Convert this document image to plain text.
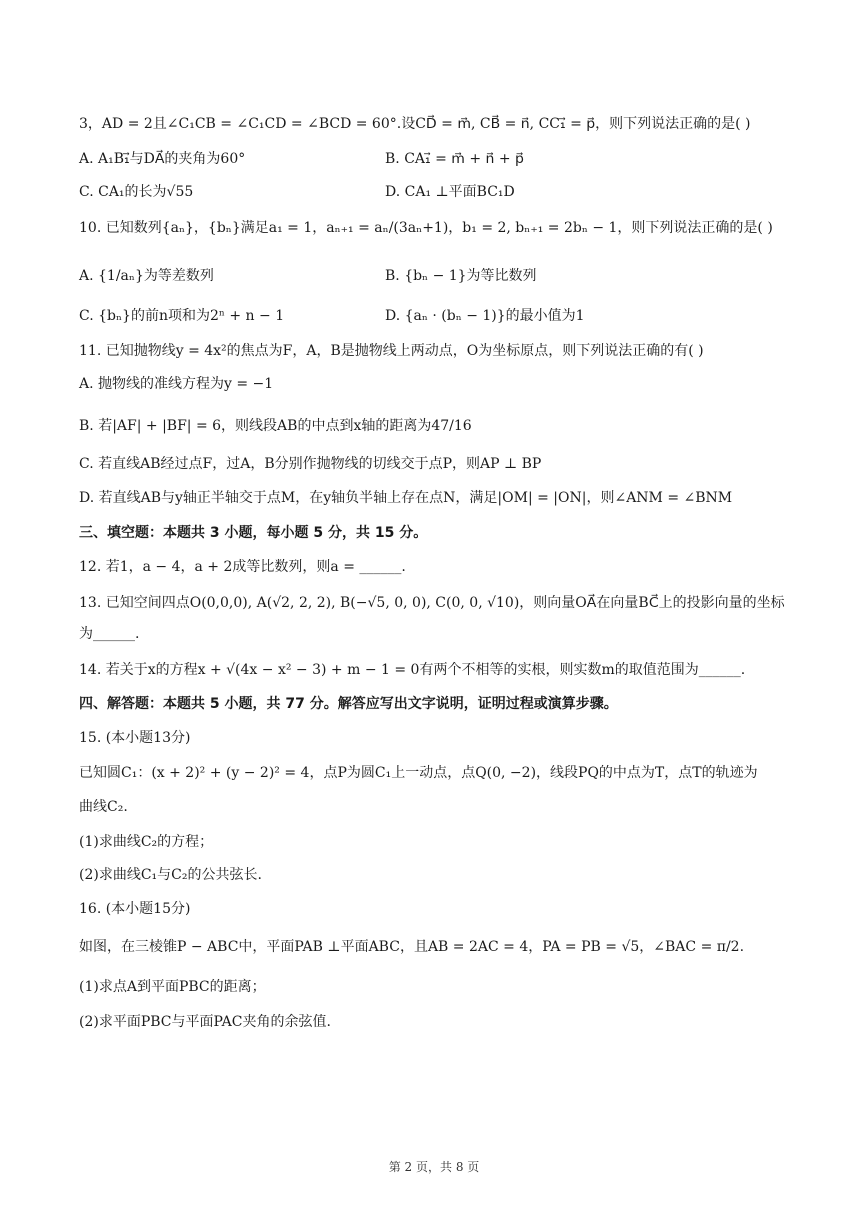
3，AD = 2且∠C₁CB = ∠C₁CD = ∠BCD = 60°.设CD⃗ = m⃗, CB⃗ = n⃗, CC₁⃗ = p⃗，则下列说法正确的是( )
A. A₁B₁⃗与DA⃗的夹角为60°	B. CA₁⃗ = m⃗ + n⃗ + p⃗
C. CA₁的长为√55	D. CA₁ ⊥平面BC₁D
10. 已知数列{aₙ}，{bₙ}满足a₁ = 1，aₙ₊₁ = aₙ/(3aₙ+1)，b₁ = 2, bₙ₊₁ = 2bₙ − 1，则下列说法正确的是( )
A. {1/aₙ}为等差数列	B. {bₙ − 1}为等比数列
C. {bₙ}的前n项和为2ⁿ + n − 1	D. {aₙ · (bₙ − 1)}的最小值为1
11. 已知抛物线y = 4x²的焦点为F，A，B是抛物线上两动点，O为坐标原点，则下列说法正确的有( )
A. 抛物线的准线方程为y = −1
B. 若|AF| + |BF| = 6，则线段AB的中点到x轴的距离为47/16
C. 若直线AB经过点F，过A，B分别作抛物线的切线交于点P，则AP ⊥ BP
D. 若直线AB与y轴正半轴交于点M，在y轴负半轴上存在点N，满足|OM| = |ON|，则∠ANM = ∠BNM
三、填空题：本题共 3 小题，每小题 5 分，共 15 分。
12. 若1，a − 4，a + 2成等比数列，则a = ______.
13. 已知空间四点O(0,0,0), A(√2, 2, 2), B(−√5, 0, 0), C(0, 0, √10)，则向量OA⃗在向量BC⃗上的投影向量的坐标
为______.
14. 若关于x的方程x + √(4x − x² − 3) + m − 1 = 0有两个不相等的实根，则实数m的取值范围为______.
四、解答题：本题共 5 小题，共 77 分。解答应写出文字说明，证明过程或演算步骤。
15. (本小题13分)
已知圆C₁：(x + 2)² + (y − 2)² = 4，点P为圆C₁上一动点，点Q(0, −2)，线段PQ的中点为T，点T的轨迹为
曲线C₂.
(1)求曲线C₂的方程；
(2)求曲线C₁与C₂的公共弦长.
16. (本小题15分)
如图，在三棱锥P − ABC中，平面PAB ⊥平面ABC，且AB = 2AC = 4，PA = PB = √5，∠BAC = π/2.
(1)求点A到平面PBC的距离；
(2)求平面PBC与平面PAC夹角的余弦值.
第 2 页，共 8 页
